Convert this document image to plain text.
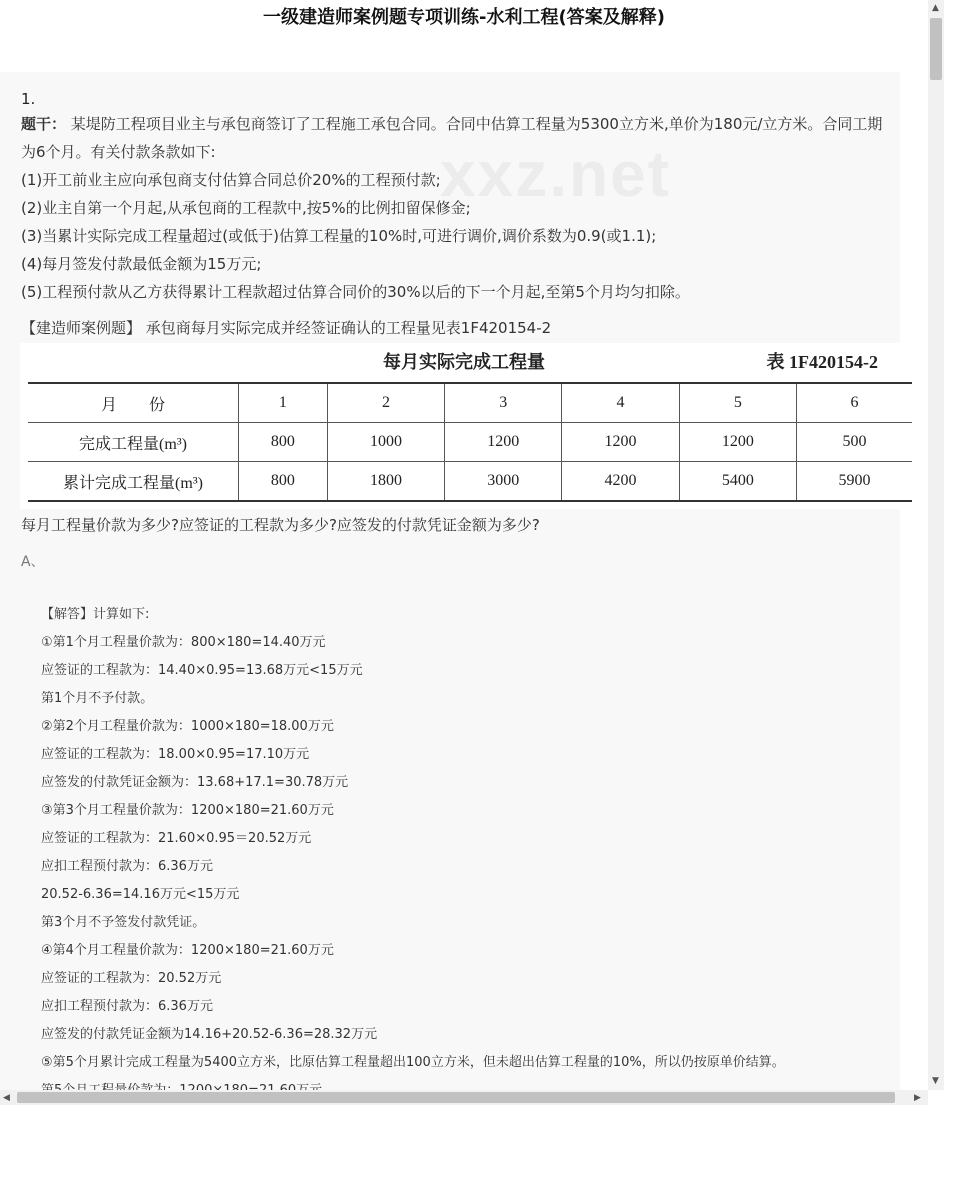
一级建造师案例题专项训练-水利工程(答案及解释)
xxz.net
1.
题干： 某堤防工程项目业主与承包商签订了工程施工承包合同。合同中估算工程量为5300立方米,单价为180元/立方米。合同工期为6个月。有关付款条款如下:
(1)开工前业主应向承包商支付估算合同总价20%的工程预付款;
(2)业主自第一个月起,从承包商的工程款中,按5%的比例扣留保修金;
(3)当累计实际完成工程量超过(或低于)估算工程量的10%时,可进行调价,调价系数为0.9(或1.1);
(4)每月签发付款最低金额为15万元;
(5)工程预付款从乙方获得累计工程款超过估算合同价的30%以后的下一个月起,至第5个月均匀扣除。
【建造师案例题】 承包商每月实际完成并经签证确认的工程量见表1F420154-2
每月实际完成工程量	表 1F420154-2
月　　份	1	2	3	4	5	6
完成工程量(m³)	800	1000	1200	1200	1200	500
累计完成工程量(m³)	800	1800	3000	4200	5400	5900
每月工程量价款为多少?应签证的工程款为多少?应签发的付款凭证金额为多少?
A、
【解答】计算如下:
①第1个月工程量价款为：800×180=14.40万元
应签证的工程款为：14.40×0.95=13.68万元<15万元
第1个月不予付款。
②第2个月工程量价款为：1000×180=18.00万元
应签证的工程款为：18.00×0.95=17.10万元
应签发的付款凭证金额为：13.68+17.1=30.78万元
③第3个月工程量价款为：1200×180=21.60万元
应签证的工程款为：21.60×0.95＝20.52万元
应扣工程预付款为：6.36万元
20.52-6.36=14.16万元<15万元
第3个月不予签发付款凭证。
④第4个月工程量价款为：1200×180=21.60万元
应签证的工程款为：20.52万元
应扣工程预付款为：6.36万元
应签发的付款凭证金额为14.16+20.52-6.36=28.32万元
⑤第5个月累计完成工程量为5400立方米，比原估算工程量超出100立方米，但未超出估算工程量的10%，所以仍按原单价结算。
▲
▼
◀	▶
